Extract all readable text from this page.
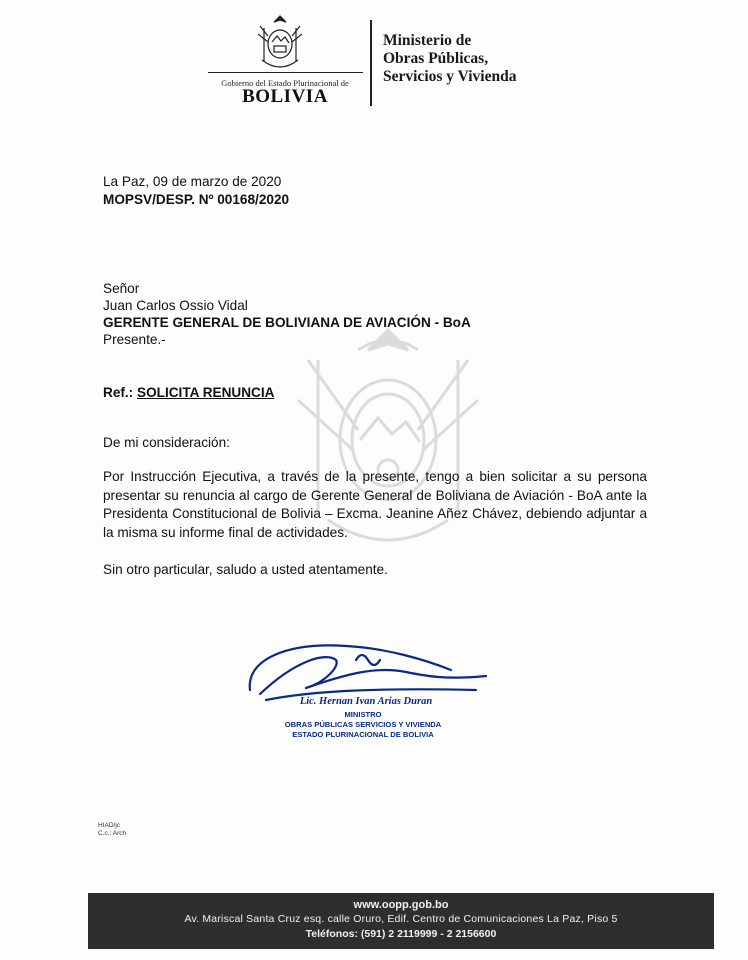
Gobierno del Estado Plurinacional de
BOLIVIA
Ministerio de
Obras Públicas,
Servicios y Vivienda
La Paz, 09 de marzo de 2020
MOPSV/DESP. Nº 00168/2020
Señor
Juan Carlos Ossio Vidal
GERENTE GENERAL DE BOLIVIANA DE AVIACIÓN - BoA
Presente.-
Ref.: SOLICITA RENUNCIA
De mi consideración:
Por Instrucción Ejecutiva, a través de la presente, tengo a bien solicitar a su persona
presentar su renuncia al cargo de Gerente General de Boliviana de Aviación - BoA ante la
Presidenta Constitucional de Bolivia – Excma. Jeanine Añez Chávez, debiendo adjuntar a
la misma su informe final de actividades.
Sin otro particular, saludo a usted atentamente.
Lic. Hernan Ivan Arias Duran
MINISTRO
OBRAS PÚBLICAS SERVICIOS Y VIVIENDA
ESTADO PLURINACIONAL DE BOLIVIA
HIAD/jc
C.c.: Arch
www.oopp.gob.bo
Av. Mariscal Santa Cruz esq. calle Oruro, Edif. Centro de Comunicaciones La Paz, Piso 5
Teléfonos: (591) 2 2119999 - 2 2156600
